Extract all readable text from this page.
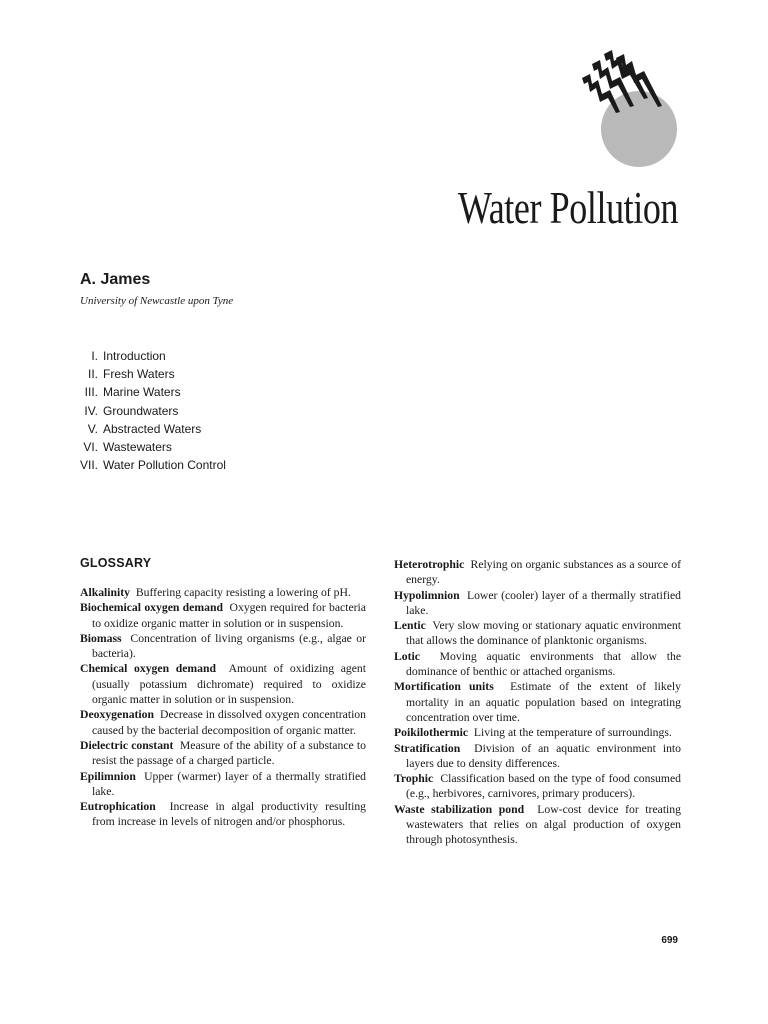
Water Pollution
A. James
University of Newcastle upon Tyne
I. Introduction
II. Fresh Waters
III. Marine Waters
IV. Groundwaters
V. Abstracted Waters
VI. Wastewaters
VII. Water Pollution Control
GLOSSARY

Alkalinity Buffering capacity resisting a lowering of pH.

Biochemical oxygen demand Oxygen required for bacteria to oxidize organic matter in solution or in suspension.

Biomass Concentration of living organisms (e.g., algae or bacteria).

Chemical oxygen demand Amount of oxidizing agent (usually potassium dichromate) required to oxidize organic matter in solution or in suspension.

Deoxygenation Decrease in dissolved oxygen concentration caused by the bacterial decomposition of organic matter.

Dielectric constant Measure of the ability of a substance to resist the passage of a charged particle.

Epilimnion Upper (warmer) layer of a thermally stratified lake.

Eutrophication Increase in algal productivity resulting from increase in levels of nitrogen and/or phosphorus.

Heterotrophic Relying on organic substances as a source of energy.

Hypolimnion Lower (cooler) layer of a thermally stratified lake.

Lentic Very slow moving or stationary aquatic environment that allows the dominance of planktonic organisms.

Lotic Moving aquatic environments that allow the dominance of benthic or attached organisms.

Mortification units Estimate of the extent of likely mortality in an aquatic population based on integrating concentration over time.

Poikilothermic Living at the temperature of surroundings.

Stratification Division of an aquatic environment into layers due to density differences.

Trophic Classification based on the type of food consumed (e.g., herbivores, carnivores, primary producers).

Waste stabilization pond Low-cost device for treating wastewaters that relies on algal production of oxygen through photosynthesis.

699
